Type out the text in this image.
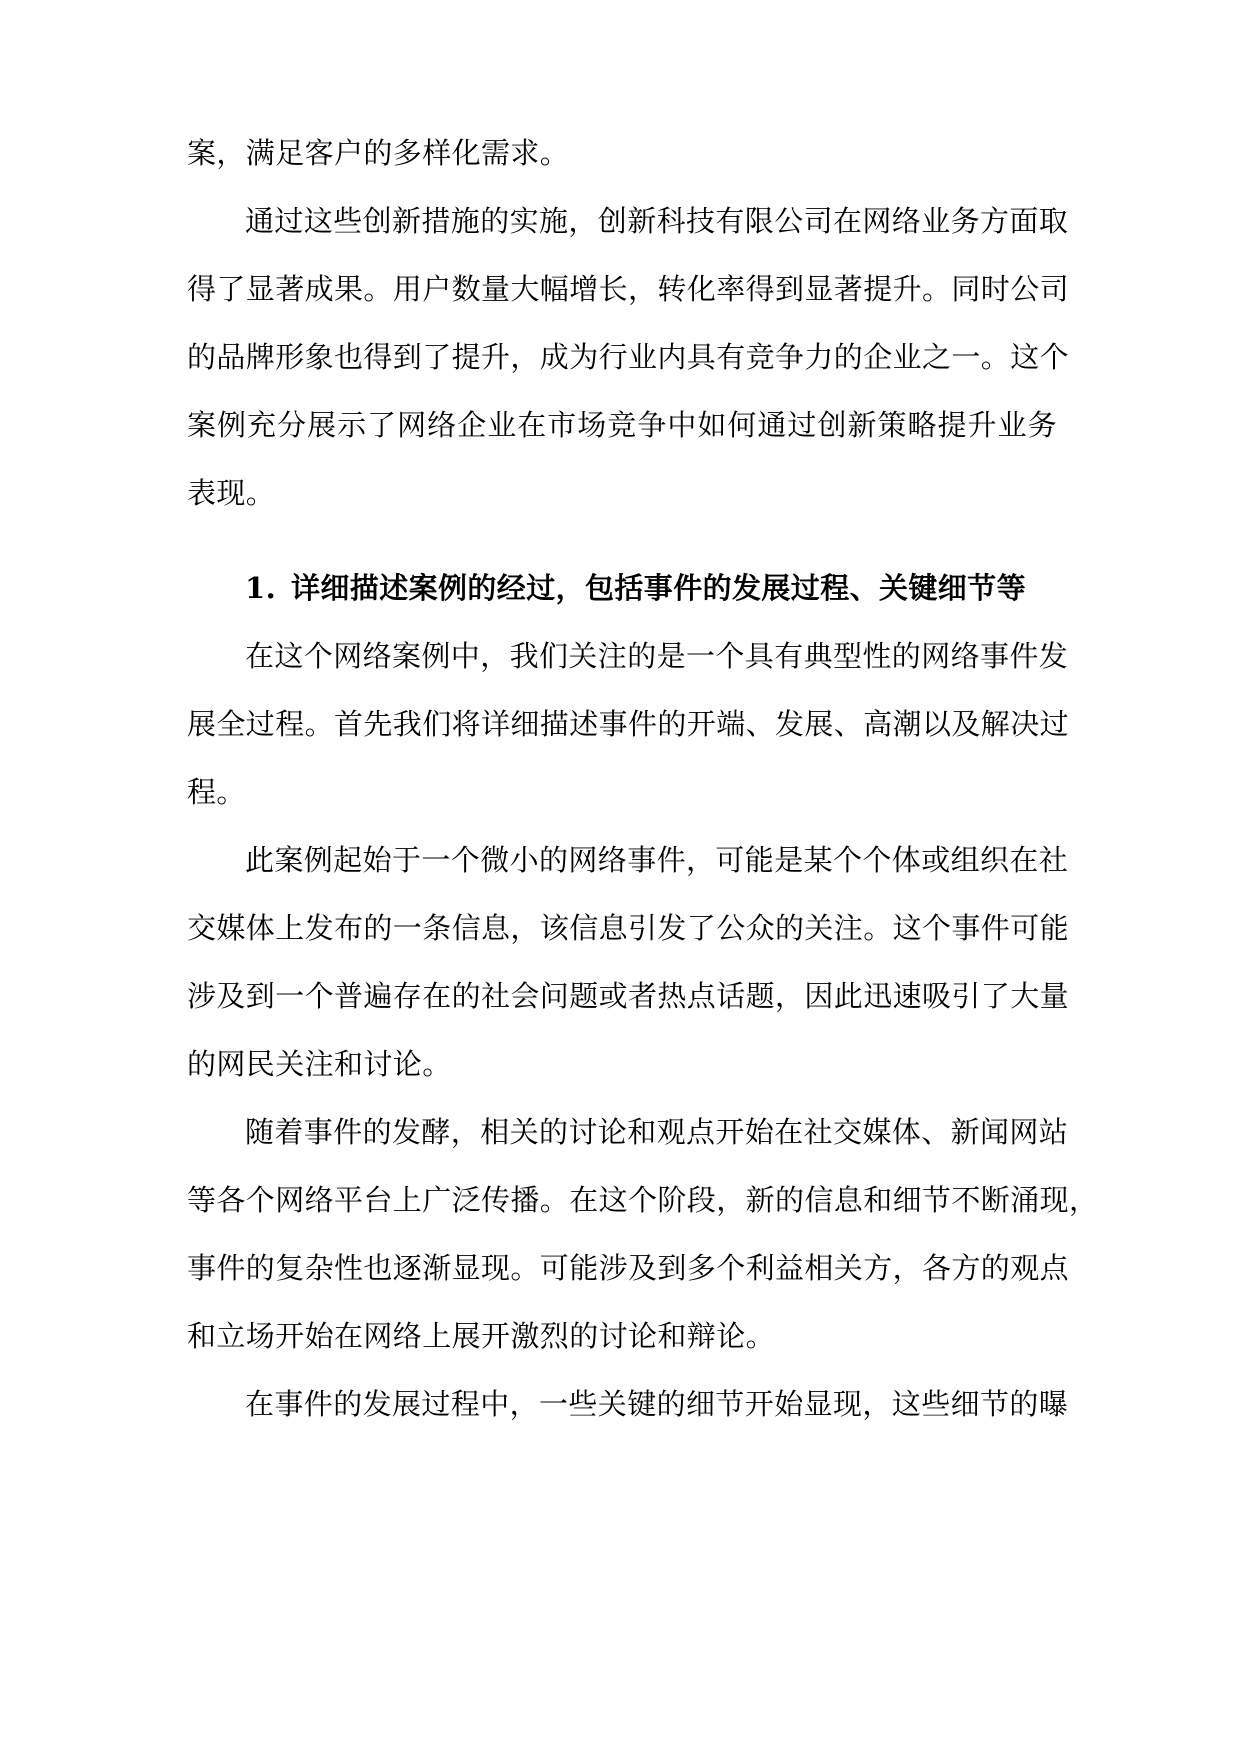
案，满足客户的多样化需求。
通过这些创新措施的实施，创新科技有限公司在网络业务方面取
得了显著成果。用户数量大幅增长，转化率得到显著提升。同时公司
的品牌形象也得到了提升，成为行业内具有竞争力的企业之一。这个
案例充分展示了网络企业在市场竞争中如何通过创新策略提升业务
表现。
1. 详细描述案例的经过，包括事件的发展过程、关键细节等
在这个网络案例中，我们关注的是一个具有典型性的网络事件发
展全过程。首先我们将详细描述事件的开端、发展、高潮以及解决过
程。
此案例起始于一个微小的网络事件，可能是某个个体或组织在社
交媒体上发布的一条信息，该信息引发了公众的关注。这个事件可能
涉及到一个普遍存在的社会问题或者热点话题，因此迅速吸引了大量
的网民关注和讨论。
随着事件的发酵，相关的讨论和观点开始在社交媒体、新闻网站
等各个网络平台上广泛传播。在这个阶段，新的信息和细节不断涌现，
事件的复杂性也逐渐显现。可能涉及到多个利益相关方，各方的观点
和立场开始在网络上展开激烈的讨论和辩论。
在事件的发展过程中，一些关键的细节开始显现，这些细节的曝
